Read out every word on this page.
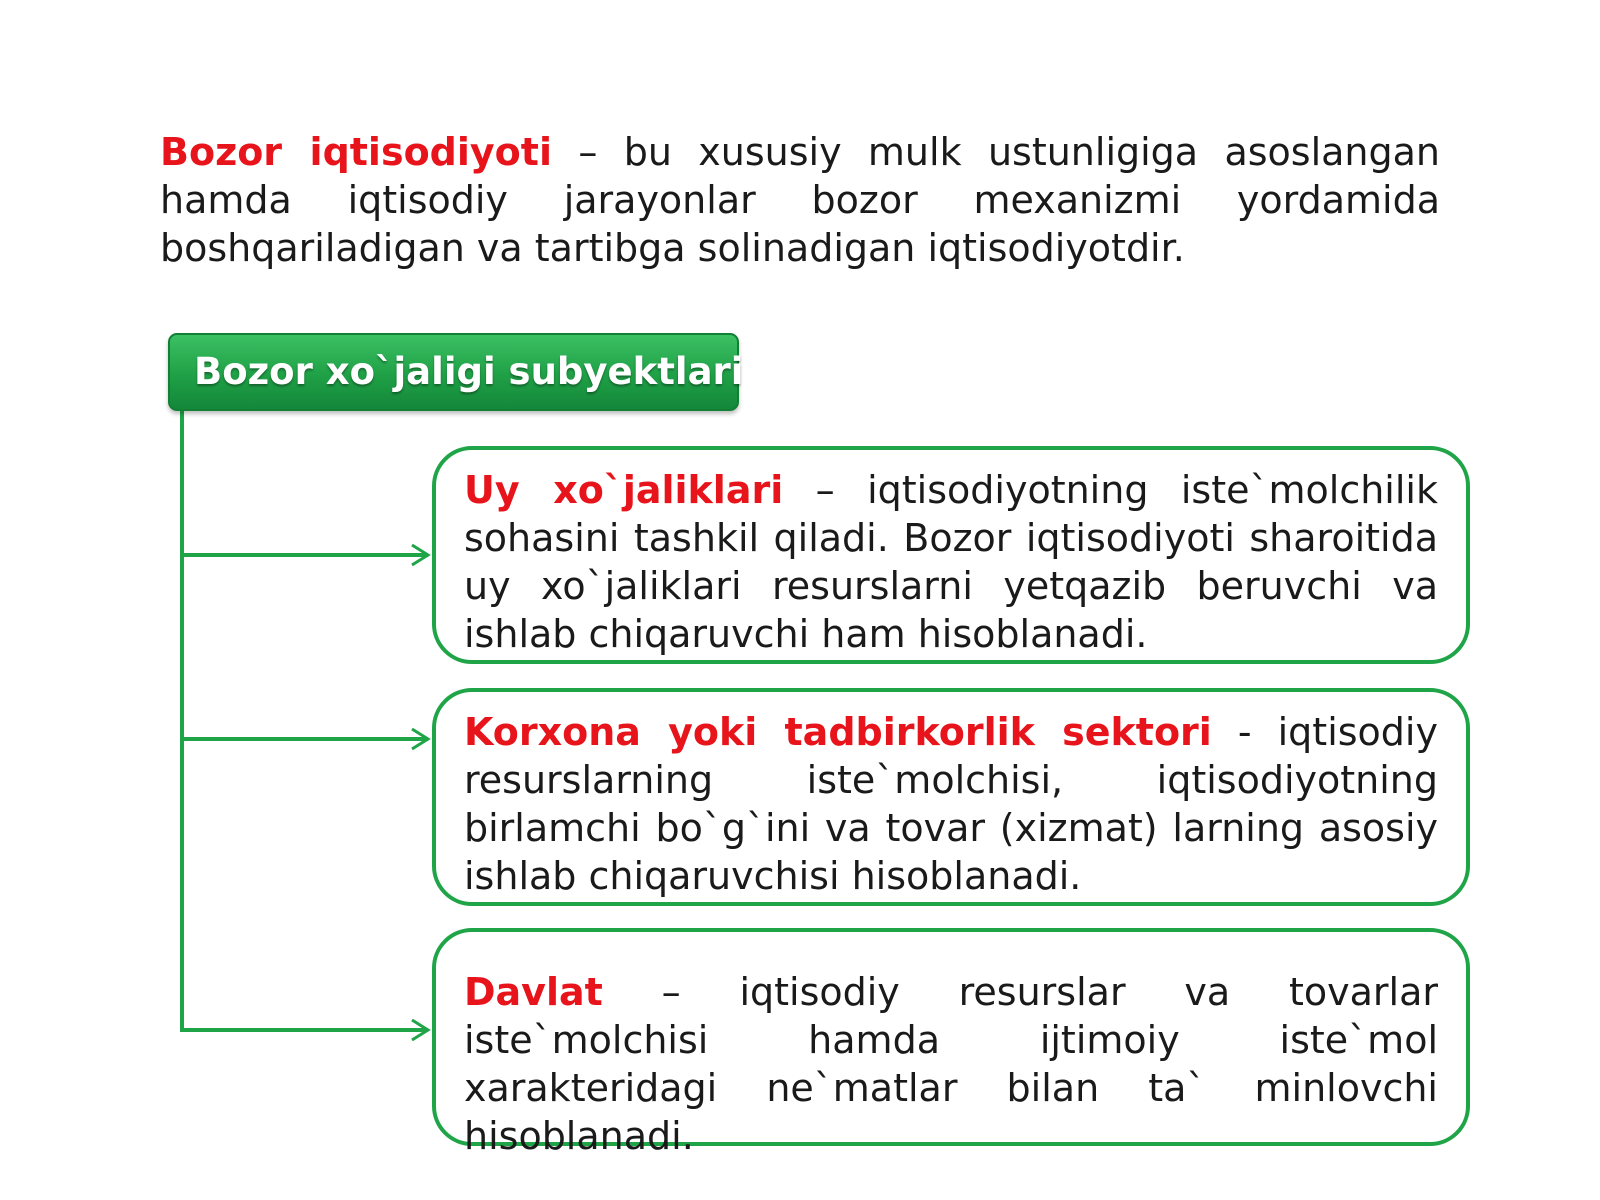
Bozor iqtisodiyoti – bu xususiy mulk ustunligiga asoslangan hamda iqtisodiy jarayonlar bozor mexanizmi yordamida boshqariladigan va tartibga solinadigan iqtisodiyotdir.

Bozor xo`jaligi subyektlari

Uy xo`jaliklari – iqtisodiyotning iste`molchilik sohasini tashkil qiladi. Bozor iqtisodiyoti sharoitida uy xo`jaliklari resurslarni yetqazib beruvchi va ishlab chiqaruvchi ham hisoblanadi.

Korxona yoki tadbirkorlik sektori - iqtisodiy resurslarning iste`molchisi, iqtisodiyotning birlamchi bo`g`ini va tovar (xizmat) larning asosiy ishlab chiqaruvchisi hisoblanadi.

Davlat – iqtisodiy resurslar va tovarlar iste`molchisi hamda ijtimoiy iste`mol xarakteridagi ne`matlar bilan ta` minlovchi hisoblanadi.
